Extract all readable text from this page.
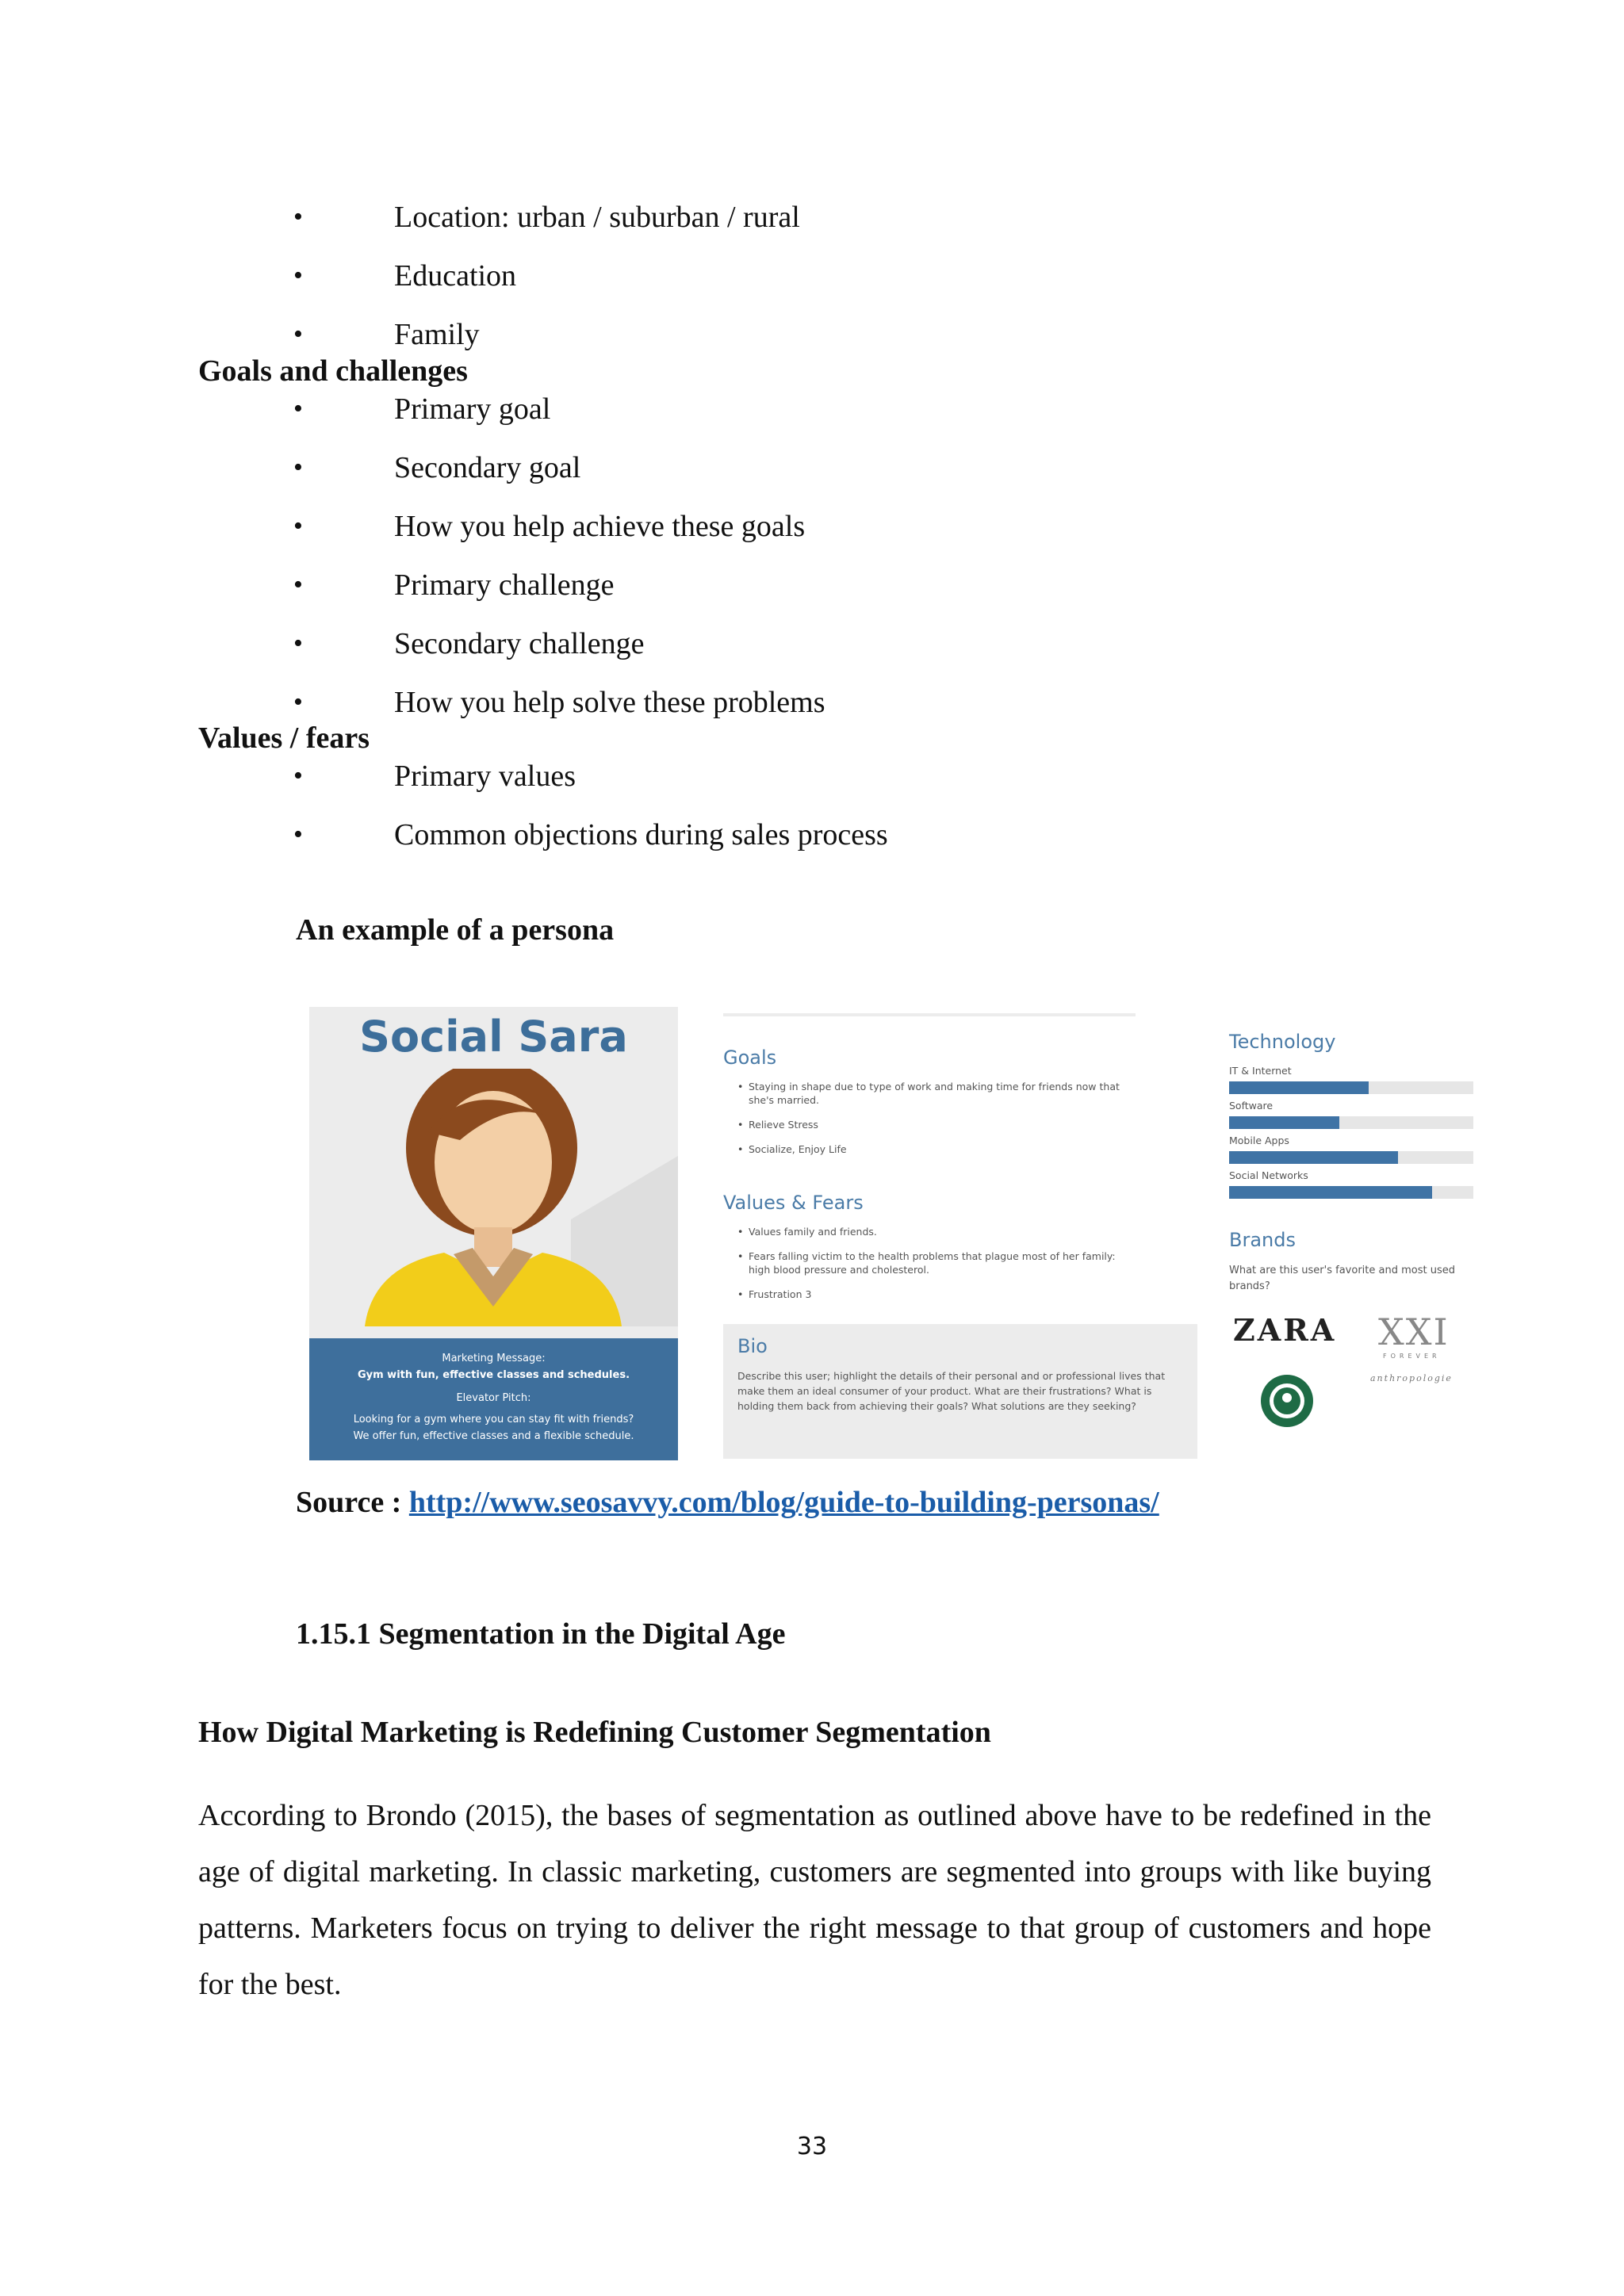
•	Location: urban / suburban / rural
•	Education
•	Family
Goals and challenges
•	Primary goal
•	Secondary goal
•	How you help achieve these goals
•	Primary challenge
•	Secondary challenge
•	How you help solve these problems
Values / fears
•	Primary values
•	Common objections during sales process
An example of a persona
Social Sara
Marketing Message:
Gym with fun, effective classes and schedules.
Elevator Pitch:
Looking for a gym where you can stay fit with friends?
We offer fun, effective classes and a flexible schedule.
Goals
• Staying in shape due to type of work and making time for friends now that she's married.
• Relieve Stress
• Socialize, Enjoy Life
Values & Fears
• Values family and friends.
• Fears falling victim to the health problems that plague most of her family: high blood pressure and cholesterol.
• Frustration 3
Bio
Describe this user; highlight the details of their personal and or professional lives that make them an ideal consumer of your product. What are their frustrations? What is holding them back from achieving their goals? What solutions are they seeking?
Technology
IT & Internet
Software
Mobile Apps
Social Networks
Brands
What are this user's favorite and most used brands?
ZARA XXI
FOREVER
anthropologie
Source : http://www.seosavvy.com/blog/guide-to-building-personas/
1.15.1 Segmentation in the Digital Age
How Digital Marketing is Redefining Customer Segmentation
According to Brondo (2015), the bases of segmentation as outlined above have to be redefined in the age of digital marketing. In classic marketing, customers are segmented into groups with like buying patterns. Marketers focus on trying to deliver the right message to that group of customers and hope for the best.
33
